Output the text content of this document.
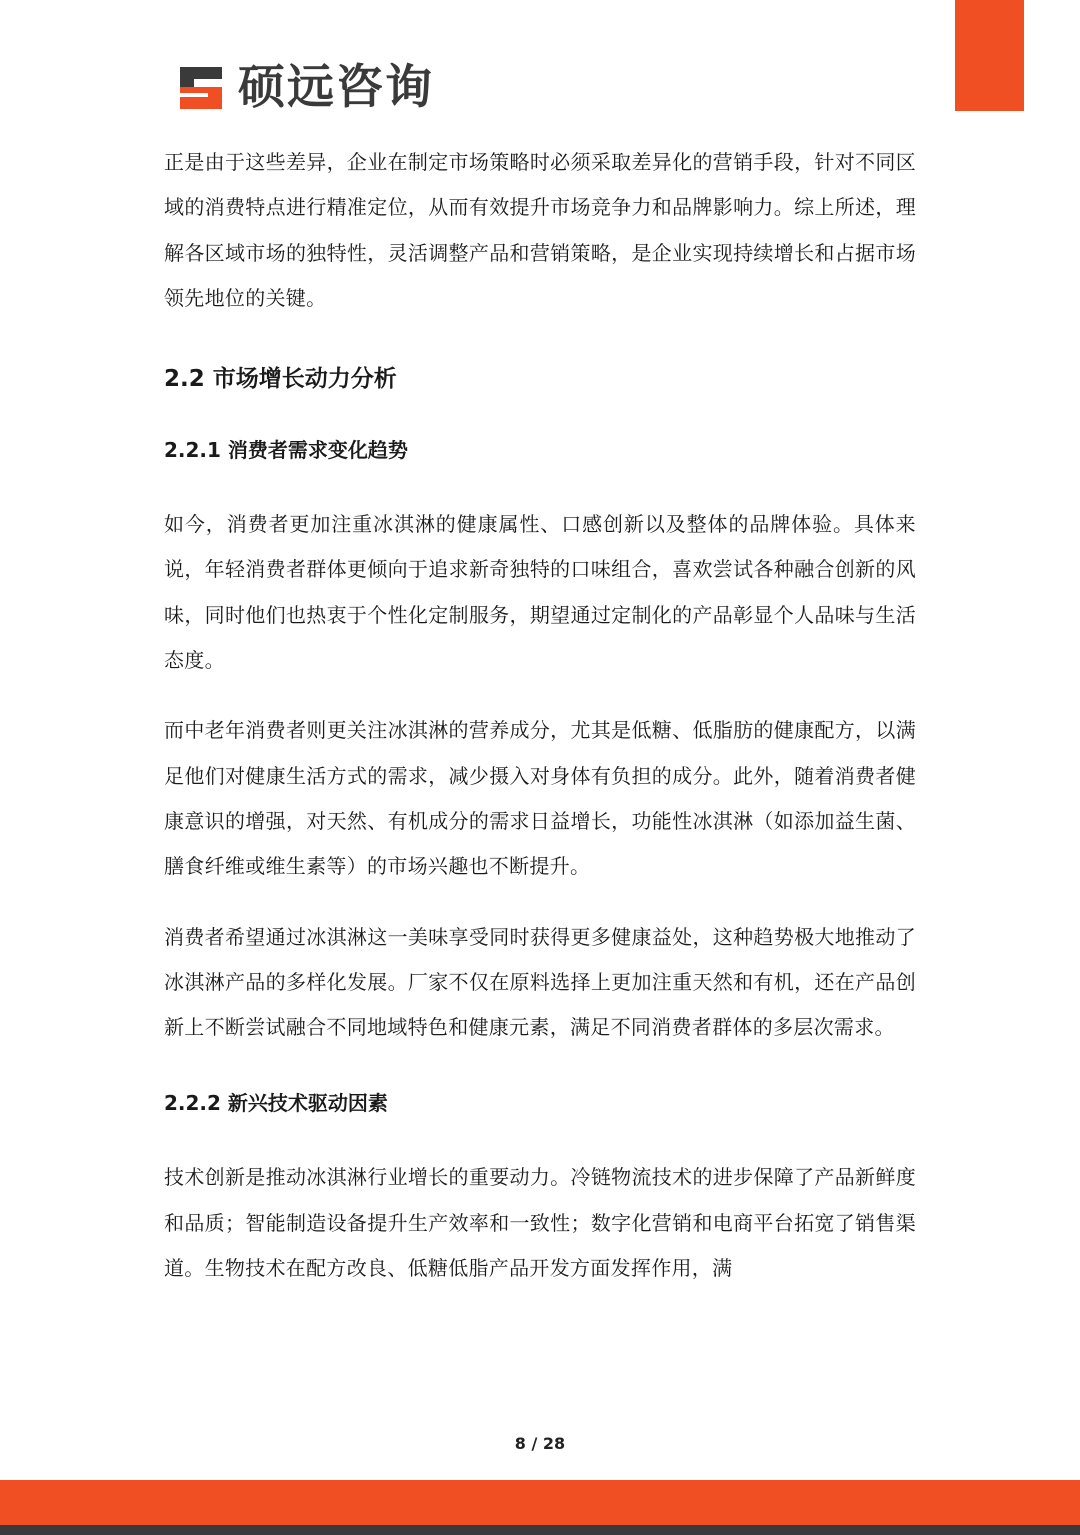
硕远咨询

正是由于这些差异，企业在制定市场策略时必须采取差异化的营销手段，针对不同区域的消费特点进行精准定位，从而有效提升市场竞争力和品牌影响力。综上所述，理解各区域市场的独特性，灵活调整产品和营销策略，是企业实现持续增长和占据市场领先地位的关键。

2.2 市场增长动力分析
2.2.1 消费者需求变化趋势

如今，消费者更加注重冰淇淋的健康属性、口感创新以及整体的品牌体验。具体来说，年轻消费者群体更倾向于追求新奇独特的口味组合，喜欢尝试各种融合创新的风味，同时他们也热衷于个性化定制服务，期望通过定制化的产品彰显个人品味与生活态度。

而中老年消费者则更关注冰淇淋的营养成分，尤其是低糖、低脂肪的健康配方，以满足他们对健康生活方式的需求，减少摄入对身体有负担的成分。此外，随着消费者健康意识的增强，对天然、有机成分的需求日益增长，功能性冰淇淋（如添加益生菌、膳食纤维或维生素等）的市场兴趣也不断提升。

消费者希望通过冰淇淋这一美味享受同时获得更多健康益处，这种趋势极大地推动了冰淇淋产品的多样化发展。厂家不仅在原料选择上更加注重天然和有机，还在产品创新上不断尝试融合不同地域特色和健康元素，满足不同消费者群体的多层次需求。

2.2.2 新兴技术驱动因素

技术创新是推动冰淇淋行业增长的重要动力。冷链物流技术的进步保障了产品新鲜度和品质；智能制造设备提升生产效率和一致性；数字化营销和电商平台拓宽了销售渠道。生物技术在配方改良、低糖低脂产品开发方面发挥作用，满

8 / 28
